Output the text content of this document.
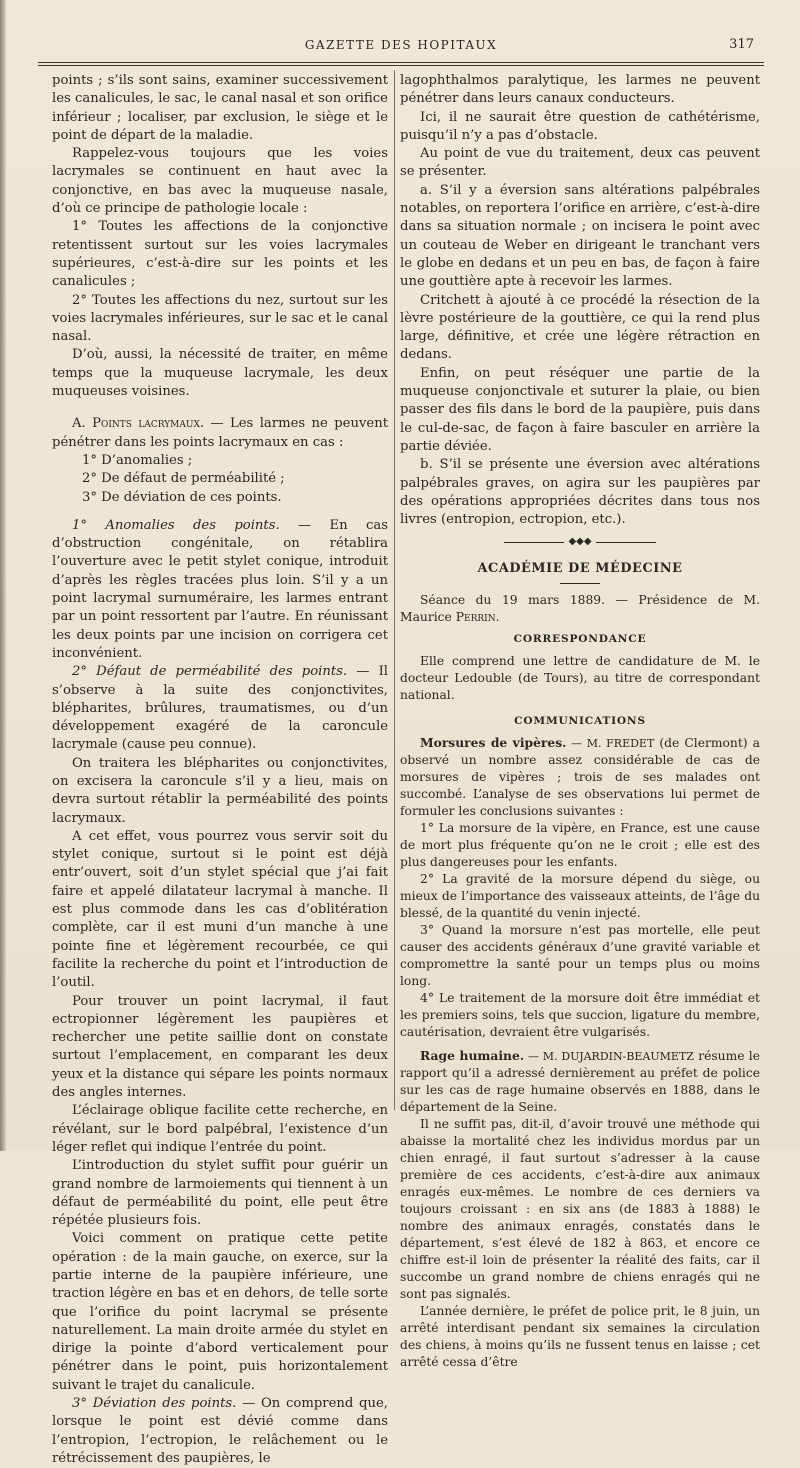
GAZETTE DES HOPITAUX	317

points ; s’ils sont sains, examiner successivement les canalicules, le sac, le canal nasal et son orifice inférieur ; localiser, par exclusion, le siège et le point de départ de la maladie.

Rappelez-vous toujours que les voies lacrymales se continuent en haut avec la conjonctive, en bas avec la muqueuse nasale, d’où ce principe de pathologie locale :

1° Toutes les affections de la conjonctive retentissent surtout sur les voies lacrymales supérieures, c’est-à-dire sur les points et les canalicules ;

2° Toutes les affections du nez, surtout sur les voies lacrymales inférieures, sur le sac et le canal nasal.

D’où, aussi, la nécessité de traiter, en même temps que la muqueuse lacrymale, les deux muqueuses voisines.

A. Points lacrymaux. — Les larmes ne peuvent pénétrer dans les points lacrymaux en cas :

1° D’anomalies ;

2° De défaut de perméabilité ;

3° De déviation de ces points.

1° Anomalies des points. — En cas d’obstruction congénitale, on rétablira l’ouverture avec le petit stylet conique, introduit d’après les règles tracées plus loin. S’il y a un point lacrymal surnuméraire, les larmes entrant par un point ressortent par l’autre. En réunissant les deux points par une incision on corrigera cet inconvénient.

2° Défaut de perméabilité des points. — Il s’observe à la suite des conjonctivites, blépharites, brûlures, traumatismes, ou d’un développement exagéré de la caroncule lacrymale (cause peu connue).

On traitera les blépharites ou conjonctivites, on excisera la caroncule s’il y a lieu, mais on devra surtout rétablir la perméabilité des points lacrymaux.

A cet effet, vous pourrez vous servir soit du stylet conique, surtout si le point est déjà entr’ouvert, soit d’un stylet spécial que j’ai fait faire et appelé dilatateur lacrymal à manche. Il est plus commode dans les cas d’oblitération complète, car il est muni d’un manche à une pointe fine et légèrement recourbée, ce qui facilite la recherche du point et l’introduction de l’outil.

Pour trouver un point lacrymal, il faut ectropionner légèrement les paupières et rechercher une petite saillie dont on constate surtout l’emplacement, en comparant les deux yeux et la distance qui sépare les points normaux des angles internes.

L’éclairage oblique facilite cette recherche, en révélant, sur le bord palpébral, l’existence d’un léger reflet qui indique l’entrée du point.

L’introduction du stylet suffit pour guérir un grand nombre de larmoiements qui tiennent à un défaut de perméabilité du point, elle peut être répétée plusieurs fois.

Voici comment on pratique cette petite opération : de la main gauche, on exerce, sur la partie interne de la paupière inférieure, une traction légère en bas et en dehors, de telle sorte que l’orifice du point lacrymal se présente naturellement. La main droite armée du stylet en dirige la pointe d’abord verticalement pour pénétrer dans le point, puis horizontalement suivant le trajet du canalicule.

3° Déviation des points. — On comprend que, lorsque le point est dévié comme dans l’entropion, l’ectropion, le relâchement ou le rétrécissement des paupières, le

lagophthalmos paralytique, les larmes ne peuvent pénétrer dans leurs canaux conducteurs.

Ici, il ne saurait être question de cathétérisme, puisqu’il n’y a pas d’obstacle.

Au point de vue du traitement, deux cas peuvent se présenter.

a. S’il y a éversion sans altérations palpébrales notables, on reportera l’orifice en arrière, c’est-à-dire dans sa situation normale ; on incisera le point avec un couteau de Weber en dirigeant le tranchant vers le globe en dedans et un peu en bas, de façon à faire une gouttière apte à recevoir les larmes.

Critchett à ajouté à ce procédé la résection de la lèvre postérieure de la gouttière, ce qui la rend plus large, définitive, et crée une légère rétraction en dedans.

Enfin, on peut réséquer une partie de la muqueuse conjonctivale et suturer la plaie, ou bien passer des fils dans le bord de la paupière, puis dans le cul-de-sac, de façon à faire basculer en arrière la partie déviée.

b. S’il se présente une éversion avec altérations palpébrales graves, on agira sur les paupières par des opérations appropriées décrites dans tous nos livres (entropion, ectropion, etc.).

◆◆◆
ACADÉMIE DE MÉDECINE

Séance du 19 mars 1889. — Présidence de M. Maurice Perrin.

CORRESPONDANCE

Elle comprend une lettre de candidature de M. le docteur Ledouble (de Tours), au titre de correspondant national.

COMMUNICATIONS

Morsures de vipères. — M. FREDET (de Clermont) a observé un nombre assez considérable de cas de morsures de vipères ; trois de ses malades ont succombé. L’analyse de ses observations lui permet de formuler les conclusions suivantes :

1° La morsure de la vipère, en France, est une cause de mort plus fréquente qu’on ne le croit ; elle est des plus dangereuses pour les enfants.

2° La gravité de la morsure dépend du siège, ou mieux de l’importance des vaisseaux atteints, de l’âge du blessé, de la quantité du venin injecté.

3° Quand la morsure n’est pas mortelle, elle peut causer des accidents généraux d’une gravité variable et compromettre la santé pour un temps plus ou moins long.

4° Le traitement de la morsure doit être immédiat et les premiers soins, tels que succion, ligature du membre, cautérisation, devraient être vulgarisés.

Rage humaine. — M. DUJARDIN-BEAUMETZ résume le rapport qu’il a adressé dernièrement au préfet de police sur les cas de rage humaine observés en 1888, dans le département de la Seine.

Il ne suffit pas, dit-il, d’avoir trouvé une méthode qui abaisse la mortalité chez les individus mordus par un chien enragé, il faut surtout s’adresser à la cause première de ces accidents, c’est-à-dire aux animaux enragés eux-mêmes. Le nombre de ces derniers va toujours croissant : en six ans (de 1883 à 1888) le nombre des animaux enragés, constatés dans le département, s’est élevé de 182 à 863, et encore ce chiffre est-il loin de présenter la réalité des faits, car il succombe un grand nombre de chiens enragés qui ne sont pas signalés.

L’année dernière, le préfet de police prit, le 8 juin, un arrêté interdisant pendant six semaines la circulation des chiens, à moins qu’ils ne fussent tenus en laisse ; cet arrêté cessa d’être
